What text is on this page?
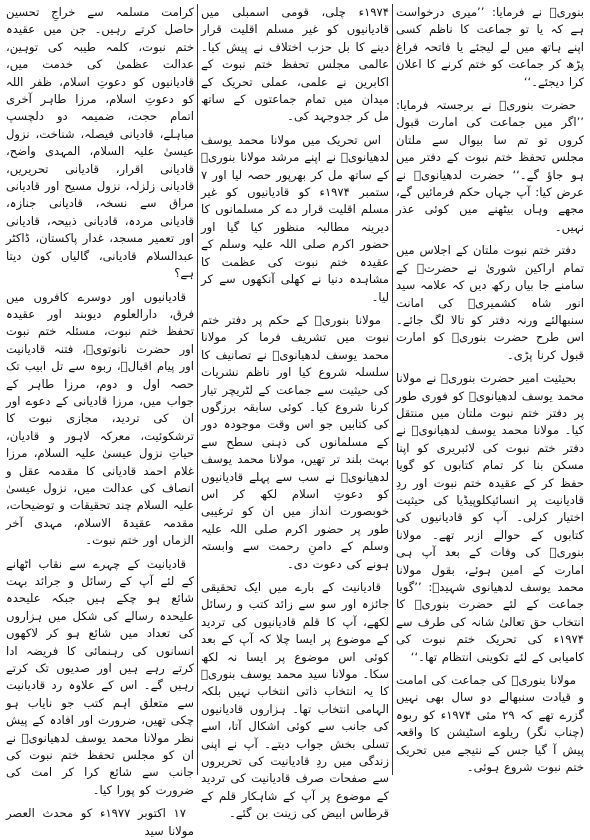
بنوریؒ نے فرمایا: ’’میری درخواست ہے کہ یا تو جماعت کا ناظم کسی اپنے ہاتھ میں لے لیجئے یا فاتحہ فراغ پڑھ کر جماعت کو ختم کرنے کا اعلان کرا دیجئے۔‘‘

حضرت بنوریؒ نے برجستہ فرمایا: ’’اگر میں جماعت کی امارت قبول کروں تو تم سا بیوال سے ملتان مجلس تحفظ ختم نبوت کے دفتر میں ہو جاؤ گے۔‘‘ حضرت لدھیانویؒ نے عرض کیا: آپ جہاں حکم فرمائیں گے، مجھے وہاں بیٹھنے میں کوئی عذر نہیں۔

دفتر ختم نبوت ملتان کے اجلاس میں تمام اراکین شوریٰ نے حضرتؒ کے سامنے جا بیاں رکھ دیں کہ علامہ سید انور شاہ کشمیریؒ کی امانت سنبھالئے ورنہ دفتر کو تالا لگ جائے۔ اس طرح حضرت بنوریؒ کو امارت قبول کرنا پڑی۔

بحیثیت امیر حضرت بنوریؒ نے مولانا محمد یوسف لدھیانویؒ کو فوری طور پر دفتر ختم نبوت ملتان میں منتقل کیا۔ مولانا محمد یوسف لدھیانویؒ نے دفتر ختم نبوت کی لائبریری کو اپنا مسکن بنا کر تمام کتابوں کو گویا حفظ کر کے عقیدہ ختم نبوت اور ردِ قادیانیت پر انسائیکلوپیڈیا کی حیثیت اختیار کرلی۔ آپ کو قادیانیوں کی کتابوں کے حوالے ازبر تھے۔ مولانا بنوریؒ کی وفات کے بعد آپ ہی امارت کے امین ہوئے، بقول مولانا محمد یوسف لدھیانوی شہیدؒ: ’’گویا جماعت کے لئے حضرت بنوریؒ کا انتخاب حق تعالیٰ شانہ کی طرف سے ۱۹۷۴ء کی تحریک ختم نبوت کی کامیابی کے لئے تکوینی انتظام تھا۔‘‘

مولانا بنوریؒ کی جماعت کی امامت و قیادت سنبھالے دو سال بھی نہیں گزرے تھے کہ ۲۹ مئی ۱۹۷۴ء کو ربوہ (چناب نگر) ریلوے اسٹیشن کا واقعہ پیش آ گیا جس کے نتیجے میں تحریک ختم نبوت شروع ہوئی۔

۱۹۷۴ء چلی، قومی اسمبلی میں قادیانیوں کو غیر مسلم اقلیت قرار دینے کا بل حزب اختلاف نے پیش کیا۔ عالمی مجلس تحفظ ختم نبوت کے اکابرین نے علمی، عملی تحریک کے میدان میں تمام جماعتوں کے ساتھ مل کر جدوجہد کی۔

اس تحریک میں مولانا محمد یوسف لدھیانویؒ نے اپنے مرشد مولانا بنوریؒ کے ساتھ مل کر بھرپور حصہ لیا اور ۷ ستمبر ۱۹۷۴ء کو قادیانیوں کو غیر مسلم اقلیت قرار دے کر مسلمانوں کا دیرینہ مطالبہ منظور کیا گیا اور حضور اکرم صلی اللہ علیہ وسلم کے عقیدہ ختم نبوت کی عظمت کا مشاہدہ دنیا نے کھلی آنکھوں سے کر لیا۔

مولانا بنوریؒ کے حکم پر دفتر ختم نبوت میں تشریف فرما کر مولانا محمد یوسف لدھیانویؒ نے تصانیف کا سلسلہ شروع کیا اور ناظم نشریات کی حیثیت سے جماعت کے لٹریچر تیار کرنا شروع کیا۔ کوئی سابقہ برزگوں کی کتابیں جو اس وقت موجودہ دور کے مسلمانوں کی ذہنی سطح سے بہت بلند تر تھیں، مولانا محمد یوسف لدھیانویؒ نے سب سے پہلے قادیانیوں کو دعوتِ اسلام لکھ کر اس خوبصورت انداز میں ان کو ترغیبی طور پر حضور اکرم صلی اللہ علیہ وسلم کے دامنِ رحمت سے وابستہ ہونے کی دعوت دی۔

قادیانیت کے بارے میں ایک تحقیقی جائزہ اور سو سے زائد کتب و رسائل لکھے، آپ کا قلم قادیانیوں کی تردید کے موضوع پر ایسا چلا کہ آپ کے بعد کوئی اس موضوع پر ایسا نہ لکھ سکا۔ مولانا سید محمد یوسف بنوریؒ کا یہ انتخاب ذاتی انتخاب نہیں بلکہ الہامی انتخاب تھا۔ ہزاروں قادیانیوں کی جانب سے کوئی اشکال آتا، اسے تسلی بخش جواب دیتے۔ آپ نے اپنی زندگی میں ردِ قادیانیت کی تحریروں سے صفحات صرف قادیانیت کی تردید کے موضوع پر آپ کے شاہکار قلم کے قرطاس ابیض کی زینت بن گئے۔

کرامت مسلمہ سے خراجِ تحسین حاصل کرتے رہیں۔ جن میں عقیدہ ختم نبوت، کلمہ طیبہ کی توہین، عدالت عظمیٰ کی خدمت میں، قادیانیوں کو دعوتِ اسلام، ظفر اللہ کو دعوتِ اسلام، مرزا طاہر آخری اتمام حجت، ضمیمہ دو دلچسپ مباہلے، قادیانی فیصلہ، شناخت، نزول عیسیٰ علیہ السلام، المہدی واضح، قادیانی اقرار، قادیانی تحریریں، قادیانی زلزلہ، نزول مسیح اور قادیانی مراق سے نسخہ، قادیانی جنازہ، قادیانی مردہ، قادیانی ذبیحہ، قادیانی اور تعمیر مسجد، غدار پاکستان، ڈاکٹر عبدالسلام قادیانی، گالیاں کون دیتا ہے؟

قادیانیوں اور دوسرے کافروں میں فرق، دارالعلوم دیوبند اور عقیدہ تحفظ ختم نبوت، مسئلہ ختم نبوت اور حضرت نانوتویؒ، فتنہ قادیانیت اور پیام اقبالؒ، ربوہ سے تل ابیب تک حصہ اول و دوم، مرزا طاہر کے جواب میں، مرزا قادیانی کے دعوے اور ان کی تردید، مجازی نبوت کا ترشکوئیت، معرکہ لاہور و قادیان، حیاتِ نزول عیسیٰ علیہ السلام، مرزا غلام احمد قادیانی کا مقدمہ عقل و انصاف کی عدالت میں، نزول عیسیٰ علیہ السلام چند تحقیقات و توضیحات، مقدمہ عقیدۃ الاسلام، مہدی آخر الزماں اور ختم نبوت۔

قادیانیت کے چہرے سے نقاب اٹھانے کے لئے آپ کے رسائل و جرائد بہت شائع ہو چکے ہیں جبکہ علیحدہ علیحدہ رسالے کی شکل میں ہزاروں کی تعداد میں شائع ہو کر لاکھوں انسانوں کی رہنمائی کا فریضہ ادا کرتے رہے ہیں اور صدیوں تک کرتے رہیں گے۔ اس کے علاوہ رد قادیانیت سے متعلق اہم کتب جو نایاب ہو چکی تھیں، ضرورت اور افادہ کے پیش نظر مولانا محمد یوسف لدھیانویؒ نے ان کو مجلس تحفظ ختم نبوت کی جانب سے شائع کرا کر امت کی ضرورت کو پورا کیا۔

۱۷ اکتوبر ۱۹۷۷ء کو محدث العصر مولانا سید
